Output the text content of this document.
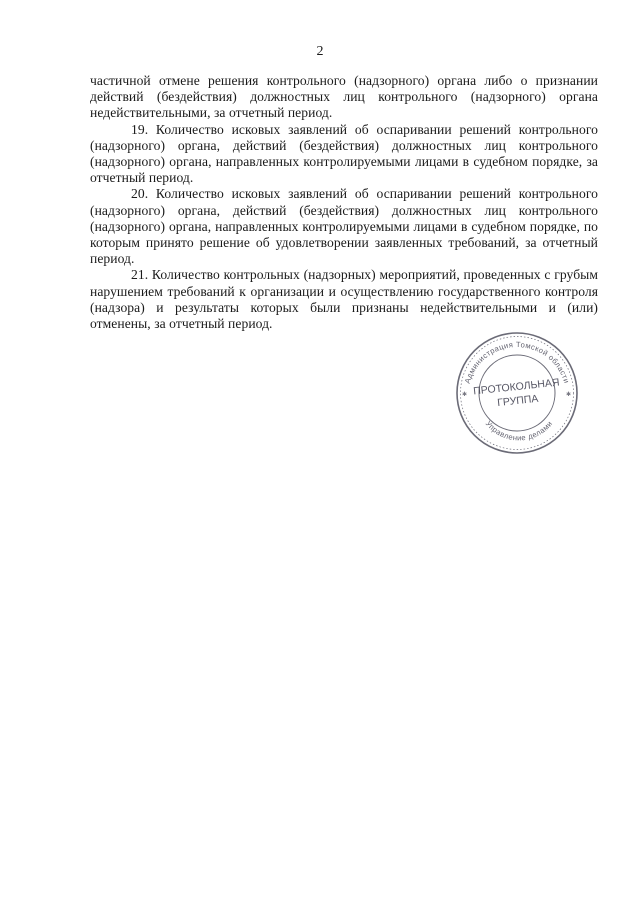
2

частичной отмене решения контрольного (надзорного) органа либо о признании действий (бездействия) должностных лиц контрольного (надзорного) органа недействительными, за отчетный период.

19. Количество исковых заявлений об оспаривании решений контрольного (надзорного) органа, действий (бездействия) должностных лиц контрольного (надзорного) органа, направленных контролируемыми лицами в судебном порядке, за отчетный период.

20. Количество исковых заявлений об оспаривании решений контрольного (надзорного) органа, действий (бездействия) должностных лиц контрольного (надзорного) органа, направленных контролируемыми лицами в судебном порядке, по которым принято решение об удовлетворении заявленных требований, за отчетный период.

21. Количество контрольных (надзорных) мероприятий, проведенных с грубым нарушением требований к организации и осуществлению государственного контроля (надзора) и результаты которых были признаны недействительными и (или) отменены, за отчетный период.

Администрация Томской области
Управление делами
ПРОТОКОЛЬНАЯ
ГРУППА
✱	✱
